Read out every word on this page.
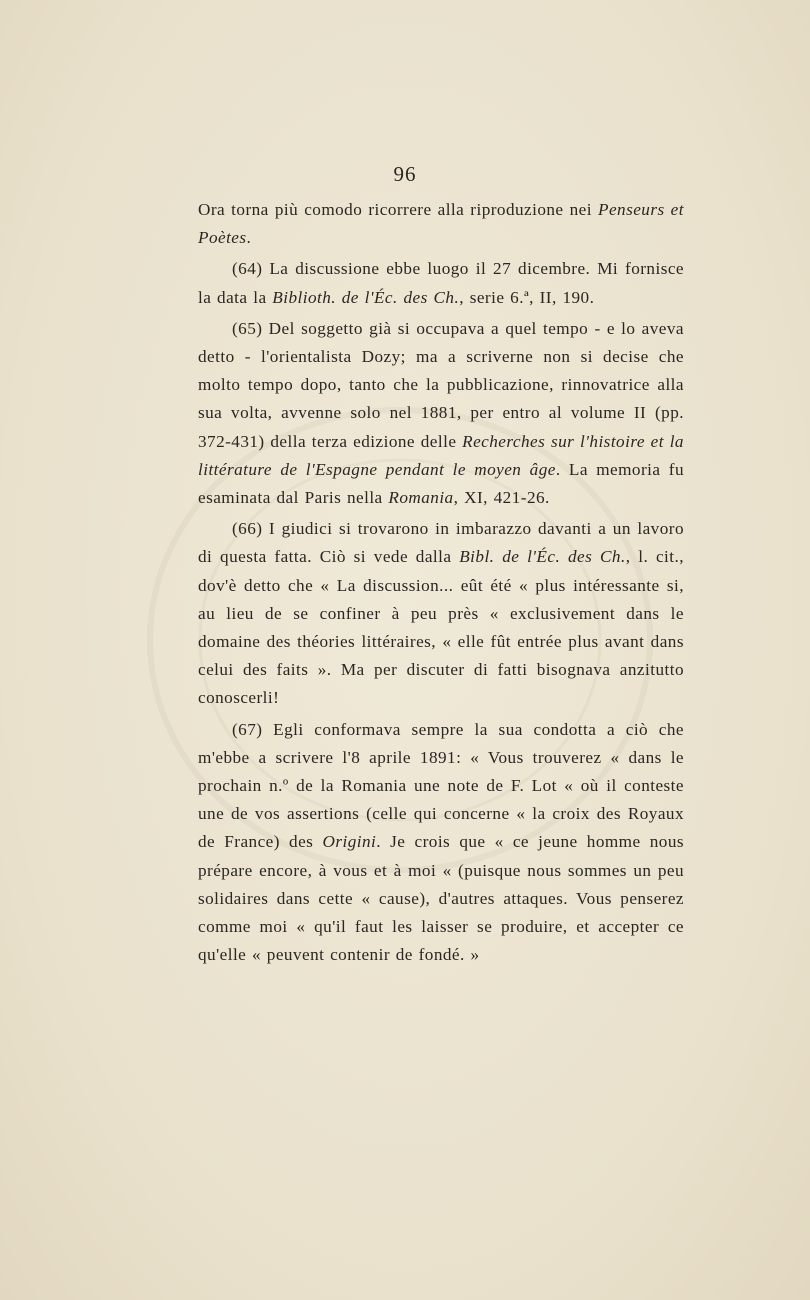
96

Ora torna più comodo ricorrere alla riproduzione nei Penseurs et Poètes.

(64) La discussione ebbe luogo il 27 dicembre. Mi fornisce la data la Biblioth. de l'Éc. des Ch., serie 6.ª, II, 190.

(65) Del soggetto già si occupava a quel tempo - e lo aveva detto - l'orientalista Dozy; ma a scriverne non si decise che molto tempo dopo, tanto che la pubblicazione, rinnovatrice alla sua volta, avvenne solo nel 1881, per entro al volume II (pp. 372-431) della terza edizione delle Recherches sur l'histoire et la littérature de l'Espagne pendant le moyen âge. La memoria fu esaminata dal Paris nella Romania, XI, 421-26.

(66) I giudici si trovarono in imbarazzo davanti a un lavoro di questa fatta. Ciò si vede dalla Bibl. de l'Éc. des Ch., l. cit., dov'è detto che « La discussion... eût été « plus intéressante si, au lieu de se confiner à peu près « exclusivement dans le domaine des théories littéraires, « elle fût entrée plus avant dans celui des faits ». Ma per discuter di fatti bisognava anzitutto conoscerli!

(67) Egli conformava sempre la sua condotta a ciò che m'ebbe a scrivere l'8 aprile 1891: « Vous trouverez « dans le prochain n.º de la Romania une note de F. Lot « où il conteste une de vos assertions (celle qui concerne « la croix des Royaux de France) des Origini. Je crois que « ce jeune homme nous prépare encore, à vous et à moi « (puisque nous sommes un peu solidaires dans cette « cause), d'autres attaques. Vous penserez comme moi « qu'il faut les laisser se produire, et accepter ce qu'elle « peuvent contenir de fondé. »
